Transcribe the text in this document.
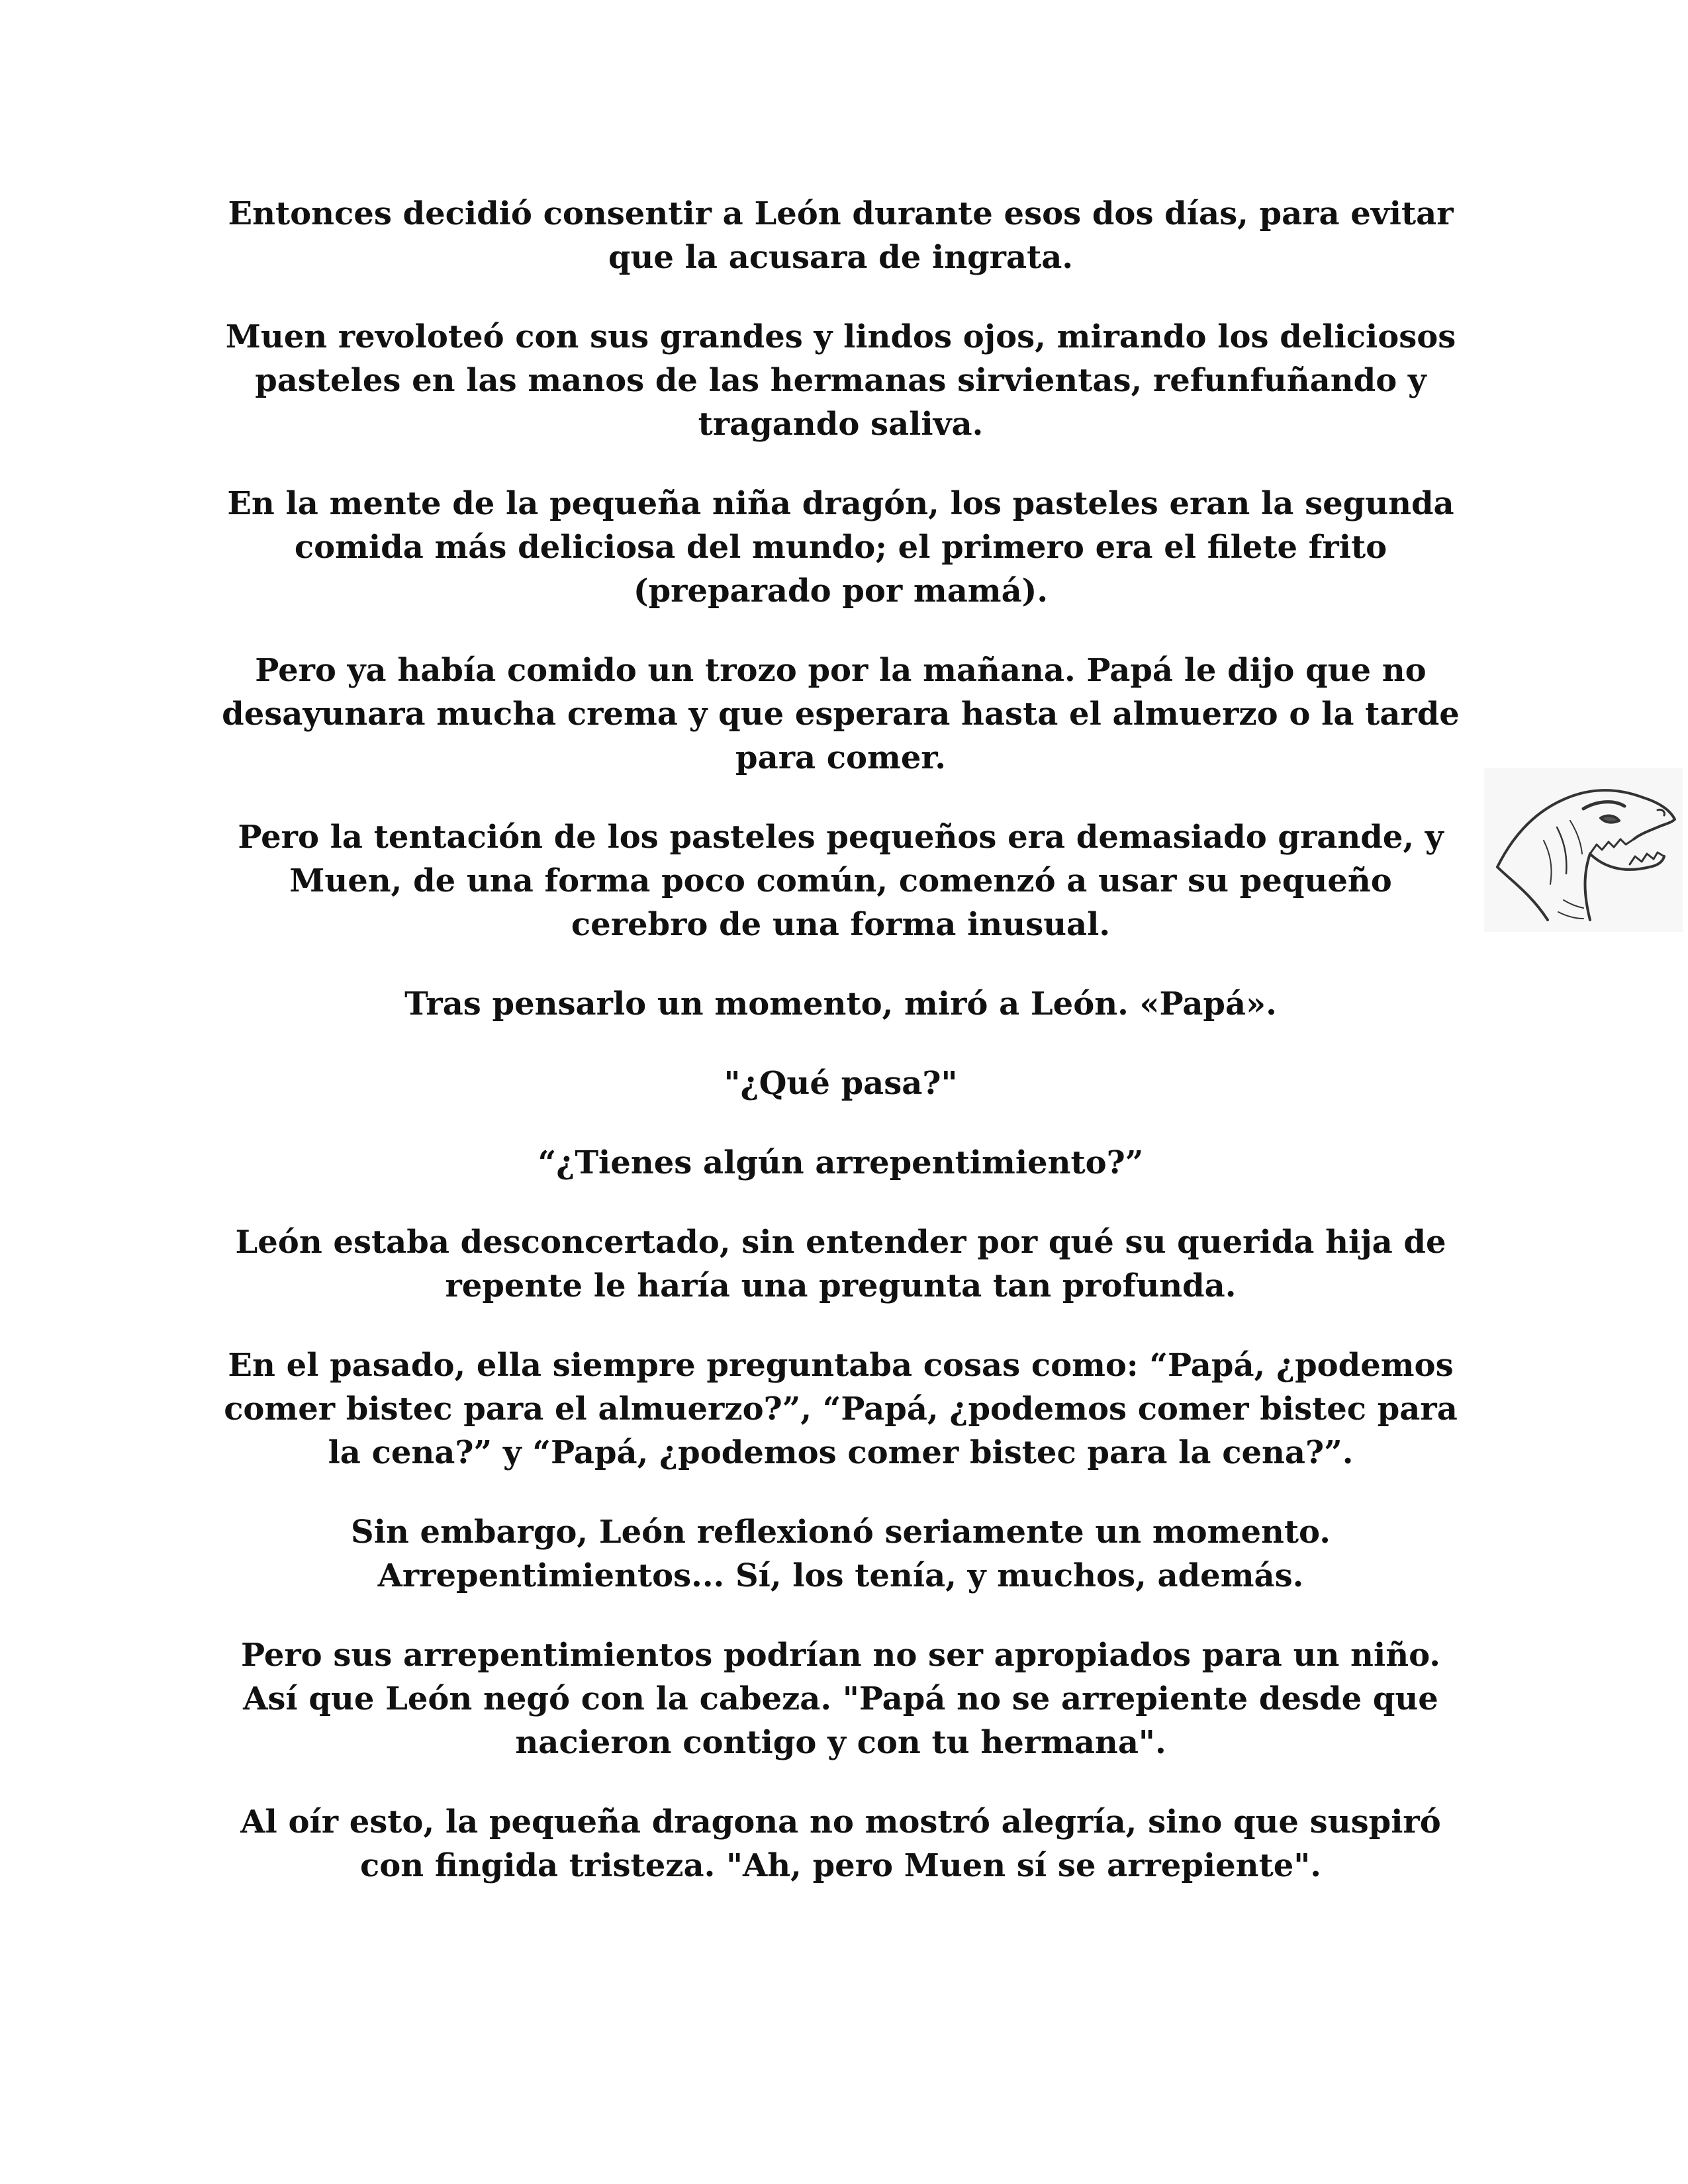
Entonces decidió consentir a León durante esos dos días, para evitar que la acusara de ingrata.

Muen revoloteó con sus grandes y lindos ojos, mirando los deliciosos pasteles en las manos de las hermanas sirvientas, refunfuñando y tragando saliva.

En la mente de la pequeña niña dragón, los pasteles eran la segunda comida más deliciosa del mundo; el primero era el filete frito (preparado por mamá).

Pero ya había comido un trozo por la mañana. Papá le dijo que no desayunara mucha crema y que esperara hasta el almuerzo o la tarde para comer.

Pero la tentación de los pasteles pequeños era demasiado grande, y Muen, de una forma poco común, comenzó a usar su pequeño cerebro de una forma inusual.

Tras pensarlo un momento, miró a León. «Papá».

"¿Qué pasa?"

“¿Tienes algún arrepentimiento?”

León estaba desconcertado, sin entender por qué su querida hija de repente le haría una pregunta tan profunda.

En el pasado, ella siempre preguntaba cosas como: “Papá, ¿podemos comer bistec para el almuerzo?”, “Papá, ¿podemos comer bistec para la cena?” y “Papá, ¿podemos comer bistec para la cena?”.

Sin embargo, León reflexionó seriamente un momento. Arrepentimientos... Sí, los tenía, y muchos, además.

Pero sus arrepentimientos podrían no ser apropiados para un niño. Así que León negó con la cabeza. "Papá no se arrepiente desde que nacieron contigo y con tu hermana".

Al oír esto, la pequeña dragona no mostró alegría, sino que suspiró con fingida tristeza. "Ah, pero Muen sí se arrepiente".
